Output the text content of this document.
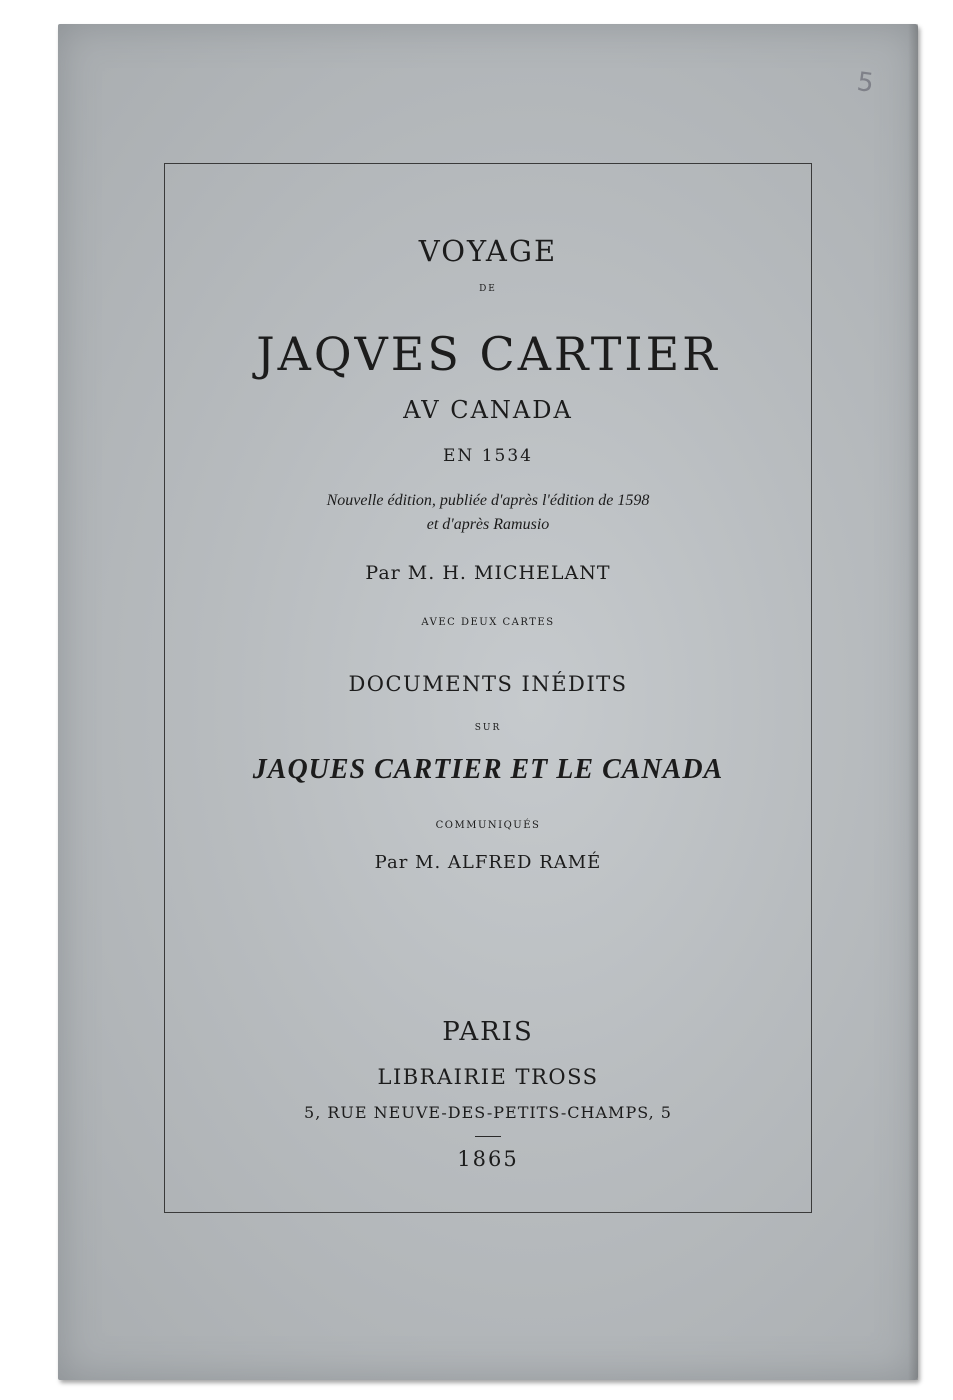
5
VOYAGE
DE
JAQVES CARTIER
AV CANADA
EN 1534
Nouvelle édition, publiée d'après l'édition de 1598
et d'après Ramusio
Par M. H. MICHELANT
AVEC DEUX CARTES
DOCUMENTS INÉDITS
SUR
JAQUES CARTIER ET LE CANADA
COMMUNIQUÉS
Par M. ALFRED RAMÉ
PARIS
LIBRAIRIE TROSS
5, RUE NEUVE-DES-PETITS-CHAMPS, 5
1865
